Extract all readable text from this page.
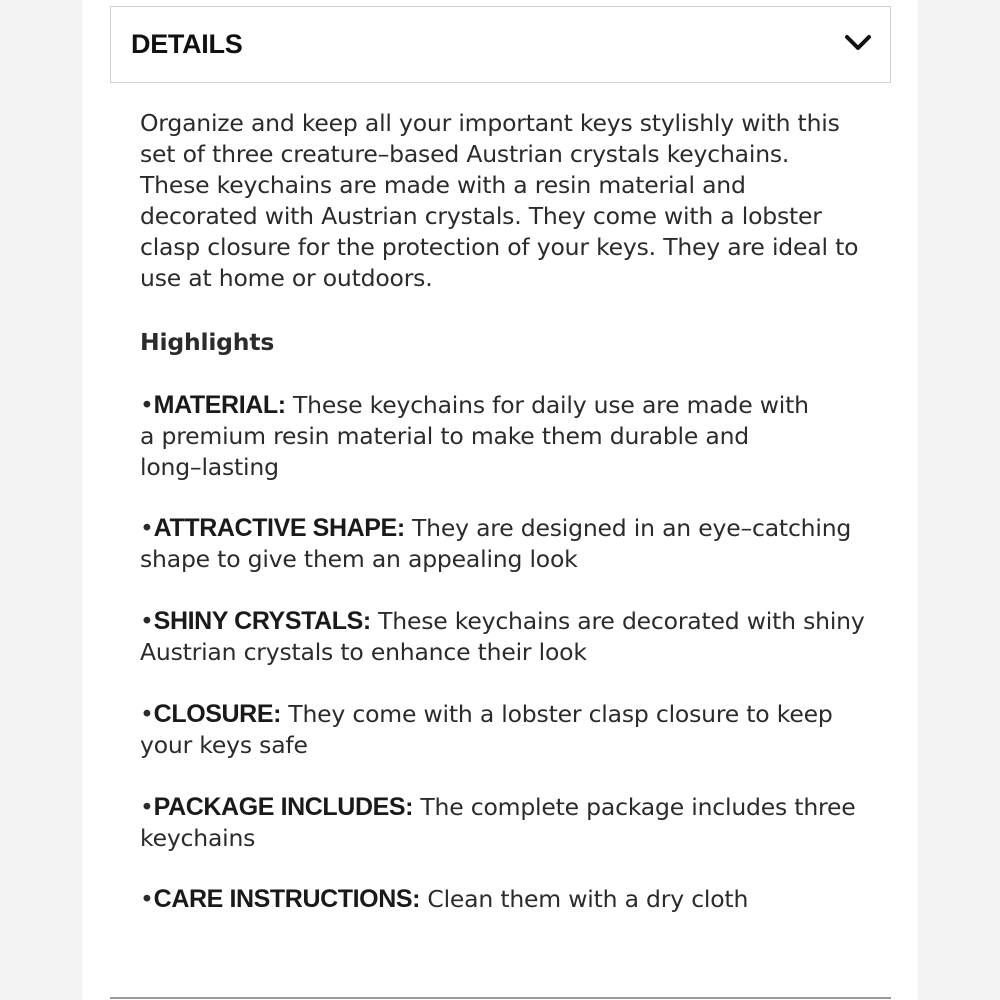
DETAILS

Organize and keep all your important keys stylishly with this
set of three creature–based Austrian crystals keychains.
These keychains are made with a resin material and
decorated with Austrian crystals. They come with a lobster
clasp closure for the protection of your keys. They are ideal to
use at home or outdoors.

Highlights

•MATERIAL: These keychains for daily use are made with
a premium resin material to make them durable and
long–lasting

•ATTRACTIVE SHAPE: They are designed in an eye–catching
shape to give them an appealing look

•SHINY CRYSTALS: These keychains are decorated with shiny
Austrian crystals to enhance their look

•CLOSURE: They come with a lobster clasp closure to keep
your keys safe

•PACKAGE INCLUDES: The complete package includes three
keychains

•CARE INSTRUCTIONS: Clean them with a dry cloth
